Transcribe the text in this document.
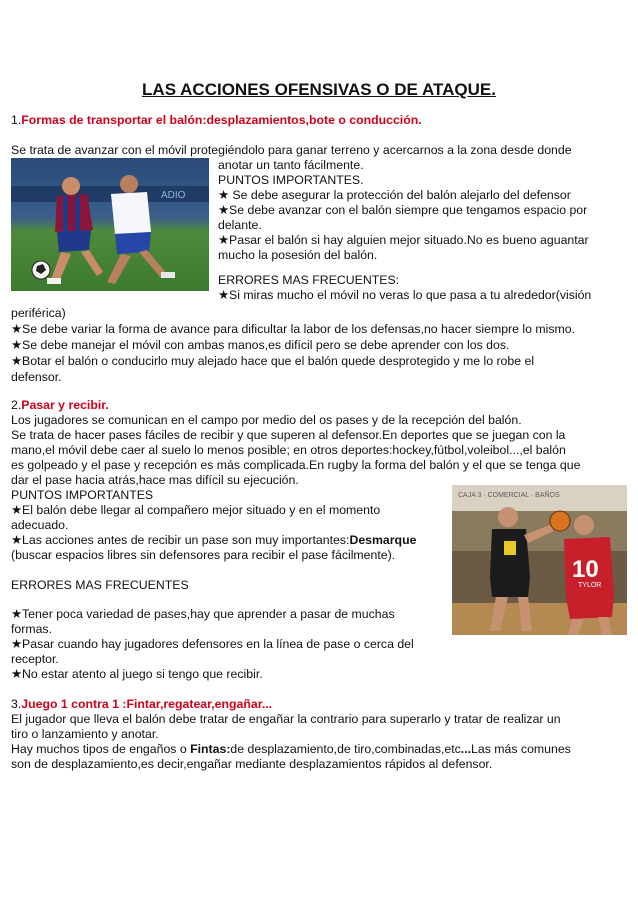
LAS ACCIONES OFENSIVAS O DE ATAQUE.
1.Formas de transportar el balón:desplazamientos,bote o conducción.
Se trata de avanzar con el móvil protegiéndolo para ganar terreno y acercarnos a la zona desde donde
ADIO
anotar un tanto fácilmente.
PUNTOS IMPORTANTES.
★ Se debe asegurar la protección del balón alejarlo del defensor
★Se debe avanzar con el balón siempre que tengamos espacio por
delante.
★Pasar el balón si hay alguien mejor situado.No es bueno aguantar
mucho la posesión del balón.
ERRORES MAS FRECUENTES:
★Si miras mucho el móvil no veras lo que pasa a tu alrededor(visión
periférica)
★Se debe variar la forma de avance para dificultar la labor de los defensas,no hacer siempre lo mismo.
★Se debe manejar el móvil con ambas manos,es difícil pero se debe aprender con los dos.
★Botar el balón o conducirlo muy alejado hace que el balón quede desprotegido y me lo robe el
defensor.
2.Pasar y recibir.
Los jugadores se comunican en el campo por medio del os pases y de la recepción del balón.
Se trata de hacer pases fáciles de recibir y que superen al defensor.En deportes que se juegan con la
mano,el móvil debe caer al suelo lo menos posible; en otros deportes:hockey,fútbol,voleibol...,el balón
es golpeado y el pase y recepción es más complicada.En rugby la forma del balón y el que se tenga que
dar el pase hacia atrás,hace mas difícil su ejecución.
PUNTOS IMPORTANTES
★El balón debe llegar al compañero mejor situado y en el momento
adecuado.
★Las acciones antes de recibir un pase son muy importantes:Desmarque
(buscar espacios libres sin defensores para recibir el pase fácilmente).
ERRORES MAS FRECUENTES
★Tener poca variedad de pases,hay que aprender a pasar de muchas
formas.
★Pasar cuando hay jugadores defensores en la línea de pase o cerca del
receptor.
★No estar atento al juego si tengo que recibir.
CAJA 3 · COMERCIAL · BAÑOS
10
TYLOR
3.Juego 1 contra 1 :Fintar,regatear,engañar...
El jugador que lleva el balón debe tratar de engañar la contrario para superarlo y tratar de realizar un
tiro o lanzamiento y anotar.
Hay muchos tipos de engaños o Fintas:de desplazamiento,de tiro,combinadas,etc...Las más comunes
son de desplazamiento,es decir,engañar mediante desplazamientos rápidos al defensor.
